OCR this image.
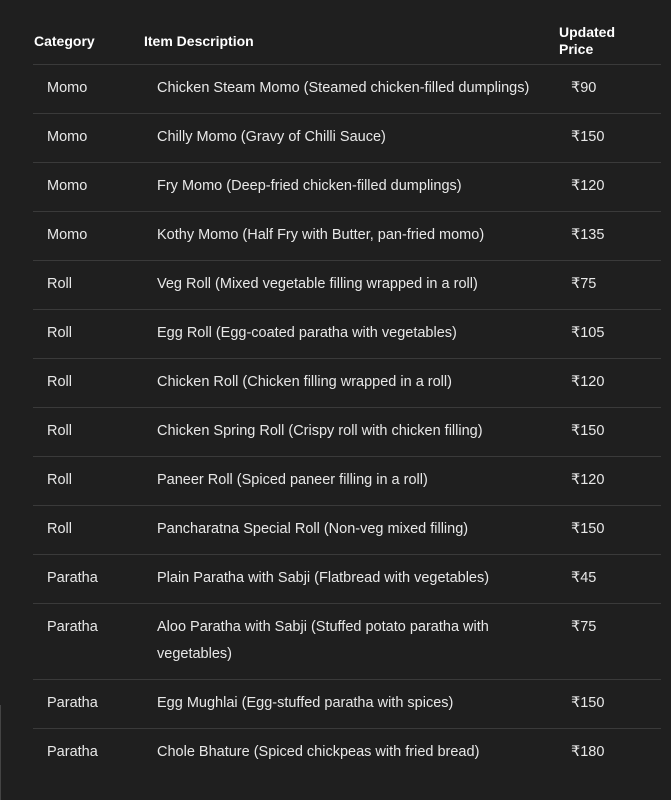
Category	Item Description	Updated
Price

Momo	Chicken Steam Momo (Steamed chicken-filled dumplings)	₹90

Momo	Chilly Momo (Gravy of Chilli Sauce)	₹150

Momo	Fry Momo (Deep-fried chicken-filled dumplings)	₹120

Momo	Kothy Momo (Half Fry with Butter, pan-fried momo)	₹135

Roll	Veg Roll (Mixed vegetable filling wrapped in a roll)	₹75

Roll	Egg Roll (Egg-coated paratha with vegetables)	₹105

Roll	Chicken Roll (Chicken filling wrapped in a roll)	₹120

Roll	Chicken Spring Roll (Crispy roll with chicken filling)	₹150

Roll	Paneer Roll (Spiced paneer filling in a roll)	₹120

Roll	Pancharatna Special Roll (Non-veg mixed filling)	₹150

Paratha	Plain Paratha with Sabji (Flatbread with vegetables)	₹45

Paratha	Aloo Paratha with Sabji (Stuffed potato paratha with vegetables)	₹75

Paratha	Egg Mughlai (Egg-stuffed paratha with spices)	₹150

Paratha	Chole Bhature (Spiced chickpeas with fried bread)	₹180
